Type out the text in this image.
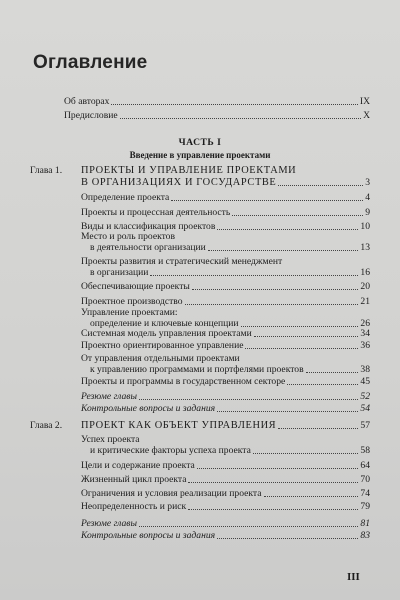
Оглавление
Об авторах	IX
Предисловие	X
ЧАСТЬ I
Введение в управление проектами
Глава 1. ПРОЕКТЫ И УПРАВЛЕНИЕ ПРОЕКТАМИ
В ОРГАНИЗАЦИЯХ И ГОСУДАРСТВЕ	3
Определение проекта	4
Проекты и процессная деятельность	9
Виды и классификация проектов	10
Место и роль проектов
в деятельности организации	13
Проекты развития и стратегический менеджмент
в организации	16
Обеспечивающие проекты	20
Проектное производство	21
Управление проектами:
определение и ключевые концепции	26
Системная модель управления проектами	34
Проектно ориентированное управление	36
От управления отдельными проектами
к управлению программами и портфелями проектов	38
Проекты и программы в государственном секторе	45
Резюме главы	52
Контрольные вопросы и задания	54
Глава 2. ПРОЕКТ КАК ОБЪЕКТ УПРАВЛЕНИЯ	57
Успех проекта
и критические факторы успеха проекта	58
Цели и содержание проекта	64
Жизненный цикл проекта	70
Ограничения и условия реализации проекта	74
Неопределенность и риск	79
Резюме главы	81
Контрольные вопросы и задания	83
III
